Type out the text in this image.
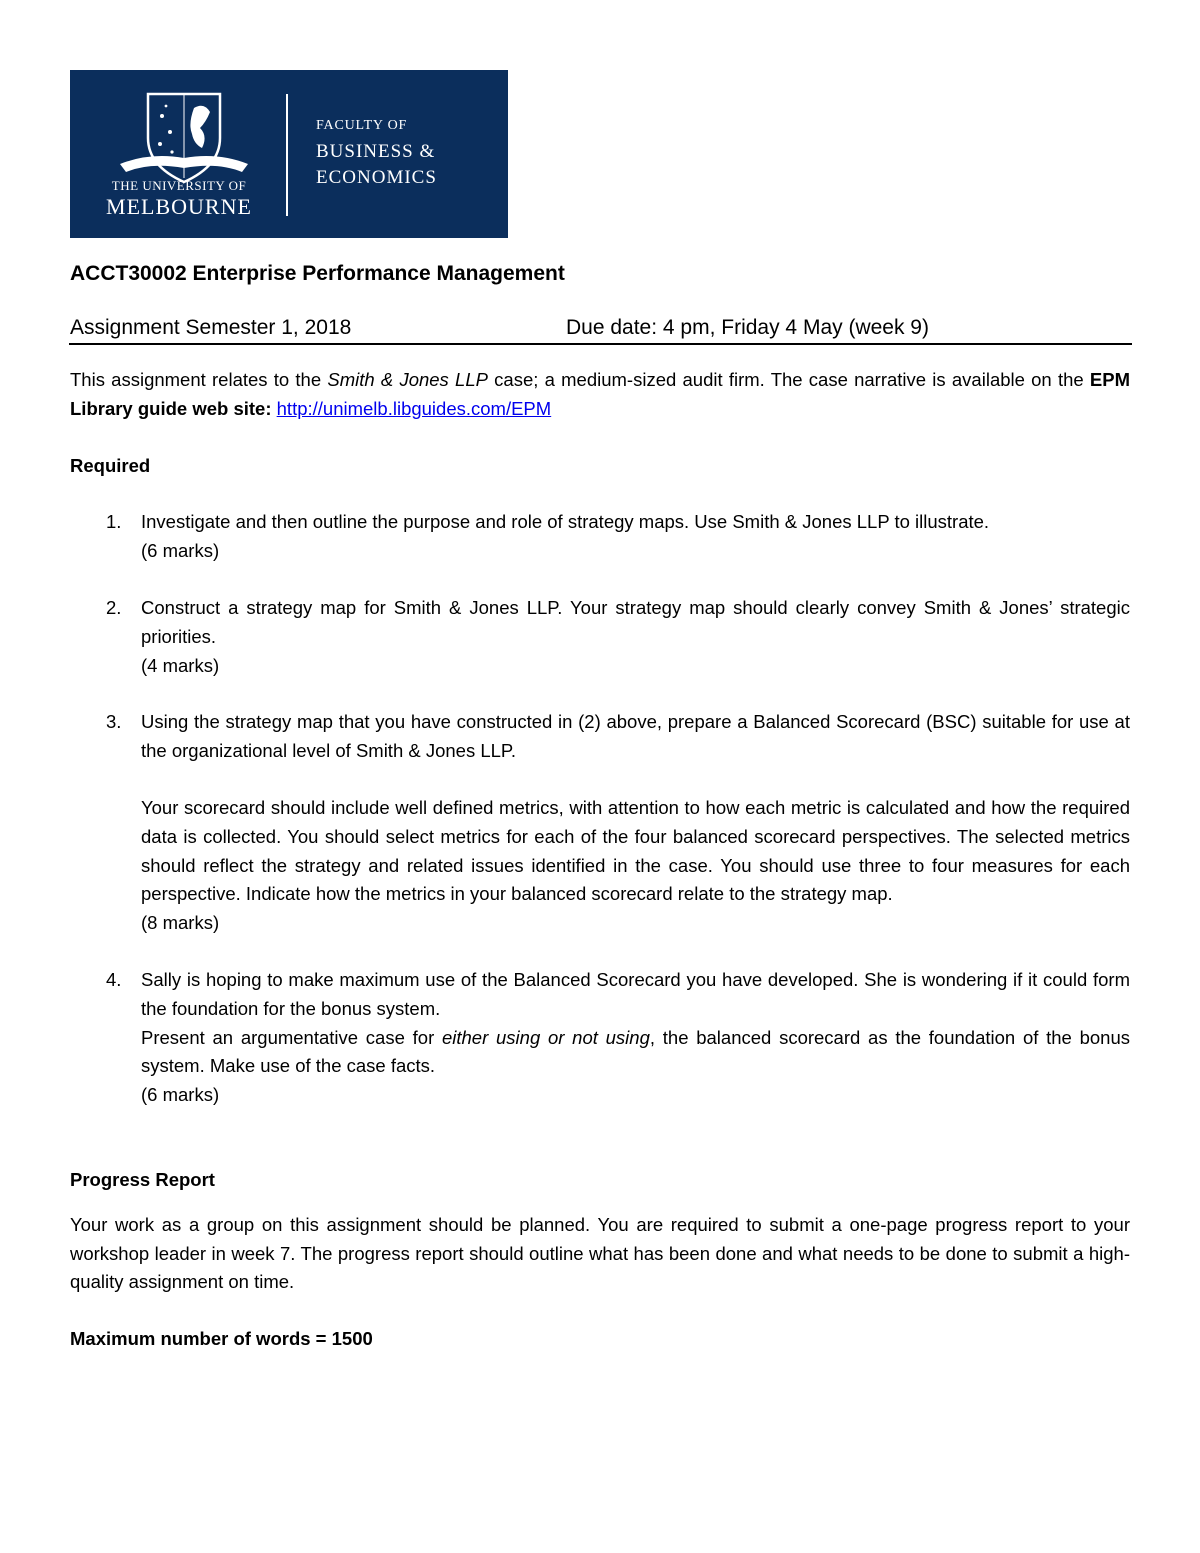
THE UNIVERSITY OF
MELBOURNE
FACULTY OF
BUSINESS &
ECONOMICS
ACCT30002 Enterprise Performance Management
Assignment Semester 1, 2018	Due date: 4 pm, Friday 4 May (week 9)

This assignment relates to the Smith & Jones LLP case; a medium-sized audit firm. The case narrative is available on the EPM Library guide web site: http://unimelb.libguides.com/EPM

Required

1. Investigate and then outline the purpose and role of strategy maps. Use Smith & Jones LLP to illustrate.

(6 marks)

2. Construct a strategy map for Smith & Jones LLP. Your strategy map should clearly convey Smith & Jones’ strategic priorities.

(4 marks)

3. Using the strategy map that you have constructed in (2) above, prepare a Balanced Scorecard (BSC) suitable for use at the organizational level of Smith & Jones LLP.

Your scorecard should include well defined metrics, with attention to how each metric is calculated and how the required data is collected. You should select metrics for each of the four balanced scorecard perspectives. The selected metrics should reflect the strategy and related issues identified in the case. You should use three to four measures for each perspective. Indicate how the metrics in your balanced scorecard relate to the strategy map.

(8 marks)

4. Sally is hoping to make maximum use of the Balanced Scorecard you have developed. She is wondering if it could form the foundation for the bonus system.

Present an argumentative case for either using or not using, the balanced scorecard as the foundation of the bonus system. Make use of the case facts.

(6 marks)

Progress Report

Your work as a group on this assignment should be planned. You are required to submit a one-page progress report to your workshop leader in week 7. The progress report should outline what has been done and what needs to be done to submit a high-quality assignment on time.

Maximum number of words = 1500
